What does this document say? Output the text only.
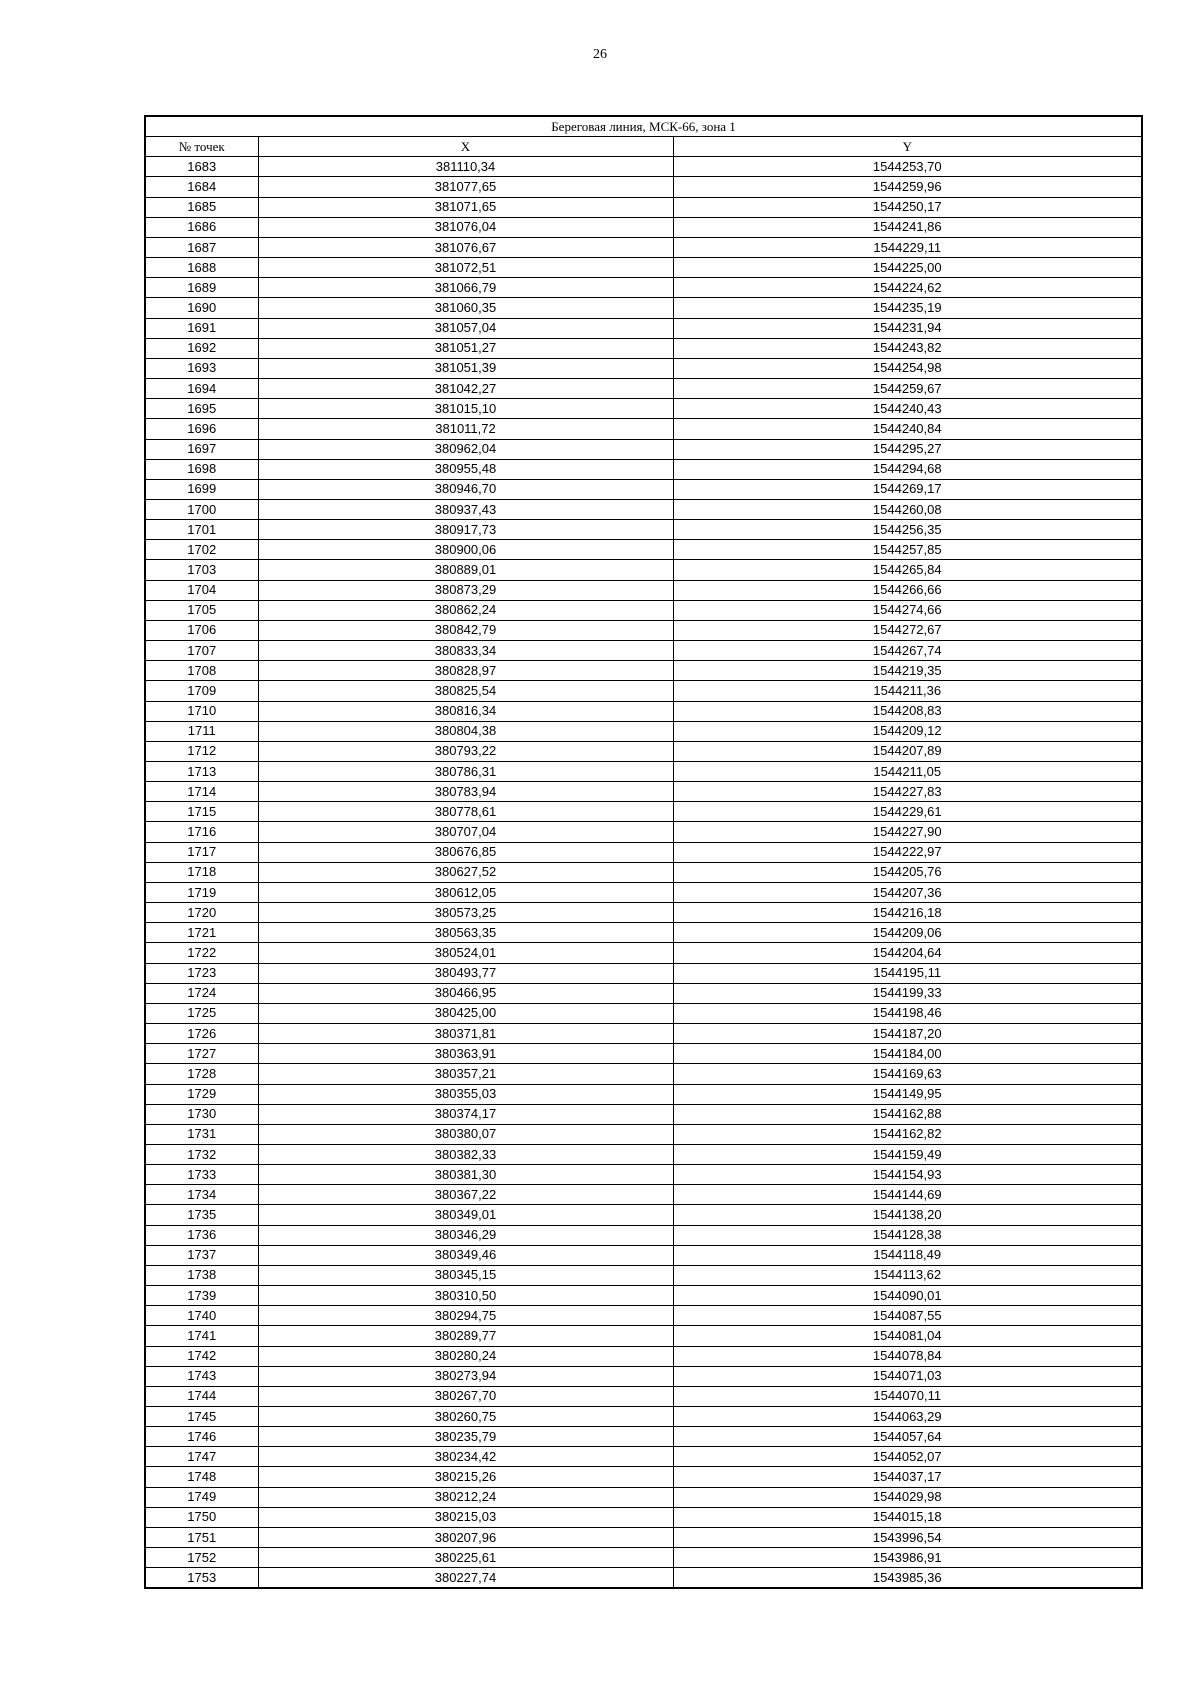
26
Береговая линия, МСК-66, зона 1		
№ точек	X	Y
1683	381110,34	1544253,70
1684	381077,65	1544259,96
1685	381071,65	1544250,17
1686	381076,04	1544241,86
1687	381076,67	1544229,11
1688	381072,51	1544225,00
1689	381066,79	1544224,62
1690	381060,35	1544235,19
1691	381057,04	1544231,94
1692	381051,27	1544243,82
1693	381051,39	1544254,98
1694	381042,27	1544259,67
1695	381015,10	1544240,43
1696	381011,72	1544240,84
1697	380962,04	1544295,27
1698	380955,48	1544294,68
1699	380946,70	1544269,17
1700	380937,43	1544260,08
1701	380917,73	1544256,35
1702	380900,06	1544257,85
1703	380889,01	1544265,84
1704	380873,29	1544266,66
1705	380862,24	1544274,66
1706	380842,79	1544272,67
1707	380833,34	1544267,74
1708	380828,97	1544219,35
1709	380825,54	1544211,36
1710	380816,34	1544208,83
1711	380804,38	1544209,12
1712	380793,22	1544207,89
1713	380786,31	1544211,05
1714	380783,94	1544227,83
1715	380778,61	1544229,61
1716	380707,04	1544227,90
1717	380676,85	1544222,97
1718	380627,52	1544205,76
1719	380612,05	1544207,36
1720	380573,25	1544216,18
1721	380563,35	1544209,06
1722	380524,01	1544204,64
1723	380493,77	1544195,11
1724	380466,95	1544199,33
1725	380425,00	1544198,46
1726	380371,81	1544187,20
1727	380363,91	1544184,00
1728	380357,21	1544169,63
1729	380355,03	1544149,95
1730	380374,17	1544162,88
1731	380380,07	1544162,82
1732	380382,33	1544159,49
1733	380381,30	1544154,93
1734	380367,22	1544144,69
1735	380349,01	1544138,20
1736	380346,29	1544128,38
1737	380349,46	1544118,49
1738	380345,15	1544113,62
1739	380310,50	1544090,01
1740	380294,75	1544087,55
1741	380289,77	1544081,04
1742	380280,24	1544078,84
1743	380273,94	1544071,03
1744	380267,70	1544070,11
1745	380260,75	1544063,29
1746	380235,79	1544057,64
1747	380234,42	1544052,07
1748	380215,26	1544037,17
1749	380212,24	1544029,98
1750	380215,03	1544015,18
1751	380207,96	1543996,54
1752	380225,61	1543986,91
1753	380227,74	1543985,36
